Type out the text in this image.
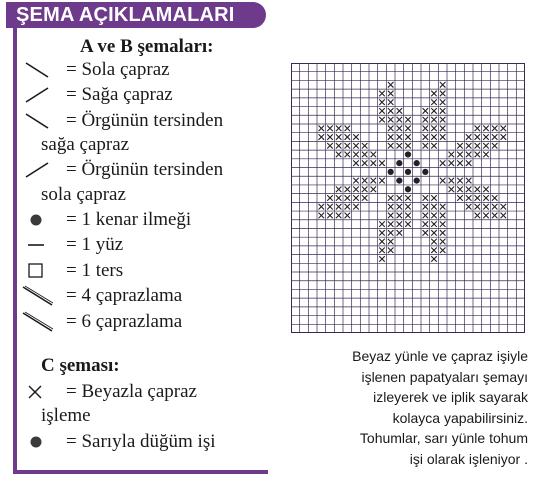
ŞEMA AÇIKLAMALARI
A ve B şemaları:
= Sola çapraz
= Sağa çapraz
= Örgünün tersinden
sağa çapraz
= Örgünün tersinden
sola çapraz
= 1 kenar ilmeği
= 1 yüz
= 1 ters
= 4 çaprazlama
= 6 çaprazlama
C şeması:
= Beyazla çapraz
işleme
= Sarıyla düğüm işi
Beyaz yünle ve çapraz işiyle
işlenen papatyaları şemayı
izleyerek ve iplik sayarak
kolayca yapabilirsiniz.
Tohumlar, sarı yünle tohum
işi olarak işleniyor .
